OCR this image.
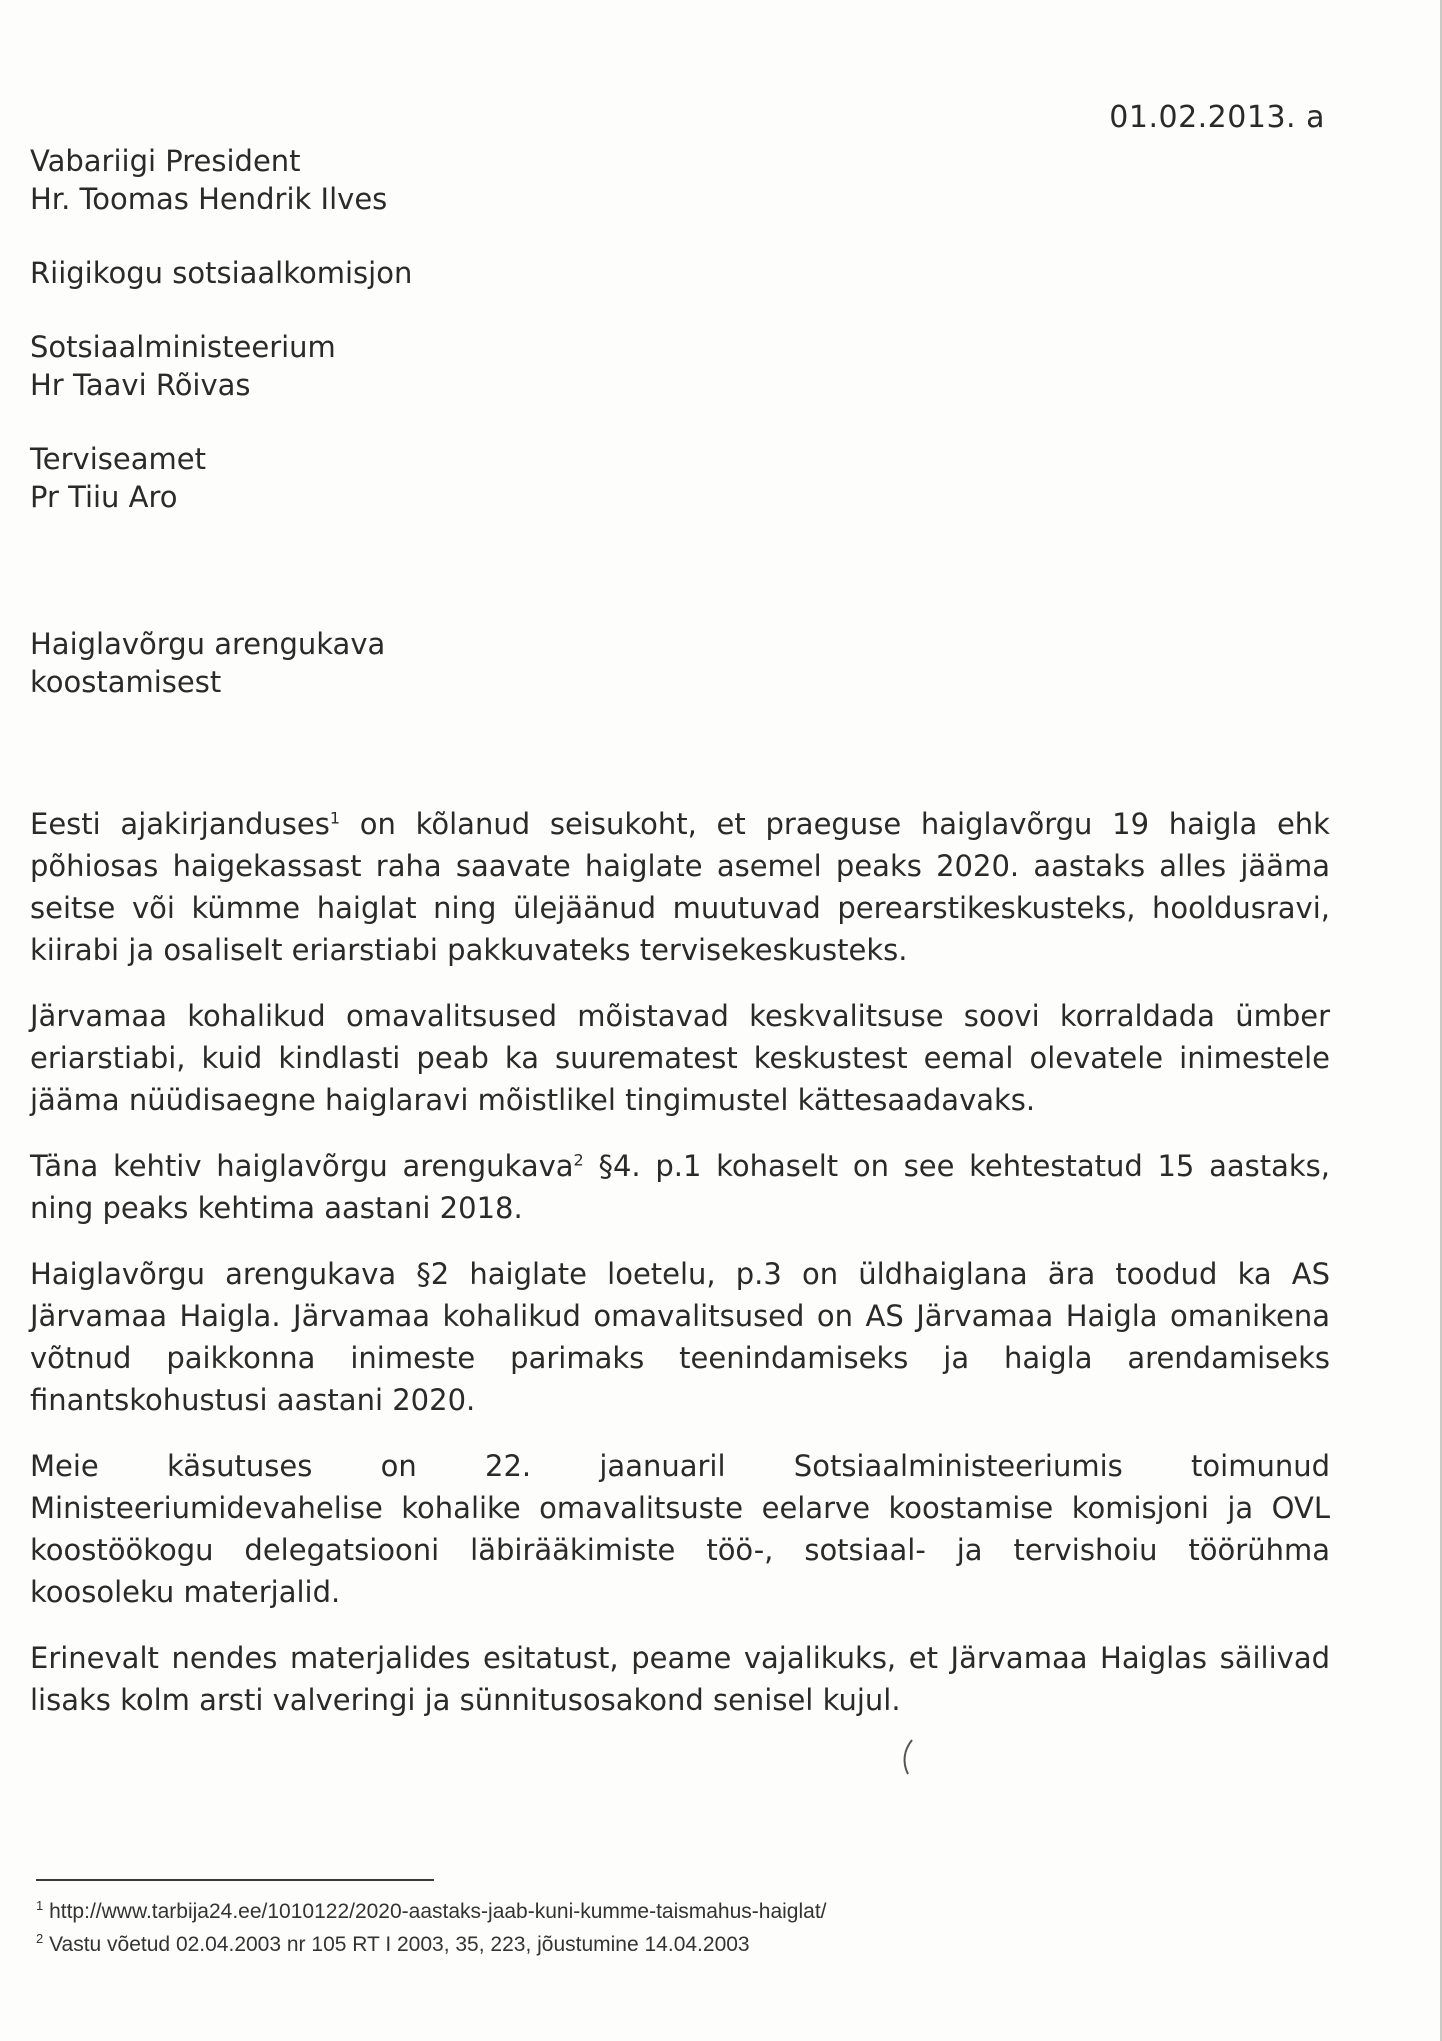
01.02.2013. a
Vabariigi President
Hr. Toomas Hendrik Ilves
Riigikogu sotsiaalkomisjon
Sotsiaalministeerium
Hr Taavi Rõivas
Terviseamet
Pr Tiiu Aro
Haiglavõrgu arengukava
koostamisest

Eesti ajakirjanduses$^1$ on kõlanud seisukoht, et praeguse haiglavõrgu 19 haigla ehk põhiosas haigekassast raha saavate haiglate asemel peaks 2020. aastaks alles jääma seitse või kümme haiglat ning ülejäänud muutuvad perearstikeskusteks, hooldusravi, kiirabi ja osaliselt eriarstiabi pakkuvateks tervisekeskusteks.

Järvamaa kohalikud omavalitsused mõistavad keskvalitsuse soovi korraldada ümber eriarstiabi, kuid kindlasti peab ka suurematest keskustest eemal olevatele inimestele jääma nüüdisaegne haiglaravi mõistlikel tingimustel kättesaadavaks.

Täna kehtiv haiglavõrgu arengukava$^2$ §4. p.1 kohaselt on see kehtestatud 15 aastaks, ning peaks kehtima aastani 2018.

Haiglavõrgu arengukava §2 haiglate loetelu, p.3 on üldhaiglana ära toodud ka AS Järvamaa Haigla. Järvamaa kohalikud omavalitsused on AS Järvamaa Haigla omanikena võtnud paikkonna inimeste parimaks teenindamiseks ja haigla arendamiseks finantskohustusi aastani 2020.

Meie käsutuses on 22. jaanuaril Sotsiaalministeeriumis toimunud Ministeeriumidevahelise kohalike omavalitsuste eelarve koostamise komisjoni ja OVL koostöökogu delegatsiooni läbirääkimiste töö-, sotsiaal- ja tervishoiu töörühma koosoleku materjalid.

Erinevalt nendes materjalides esitatust, peame vajalikuks, et Järvamaa Haiglas säilivad lisaks kolm arsti valveringi ja sünnitusosakond senisel kujul.

$^1$ http://www.tarbija24.ee/1010122/2020-aastaks-jaab-kuni-kumme-taismahus-haiglat/
$^2$ Vastu võetud 02.04.2003 nr 105 RT I 2003, 35, 223, jõustumine 14.04.2003
